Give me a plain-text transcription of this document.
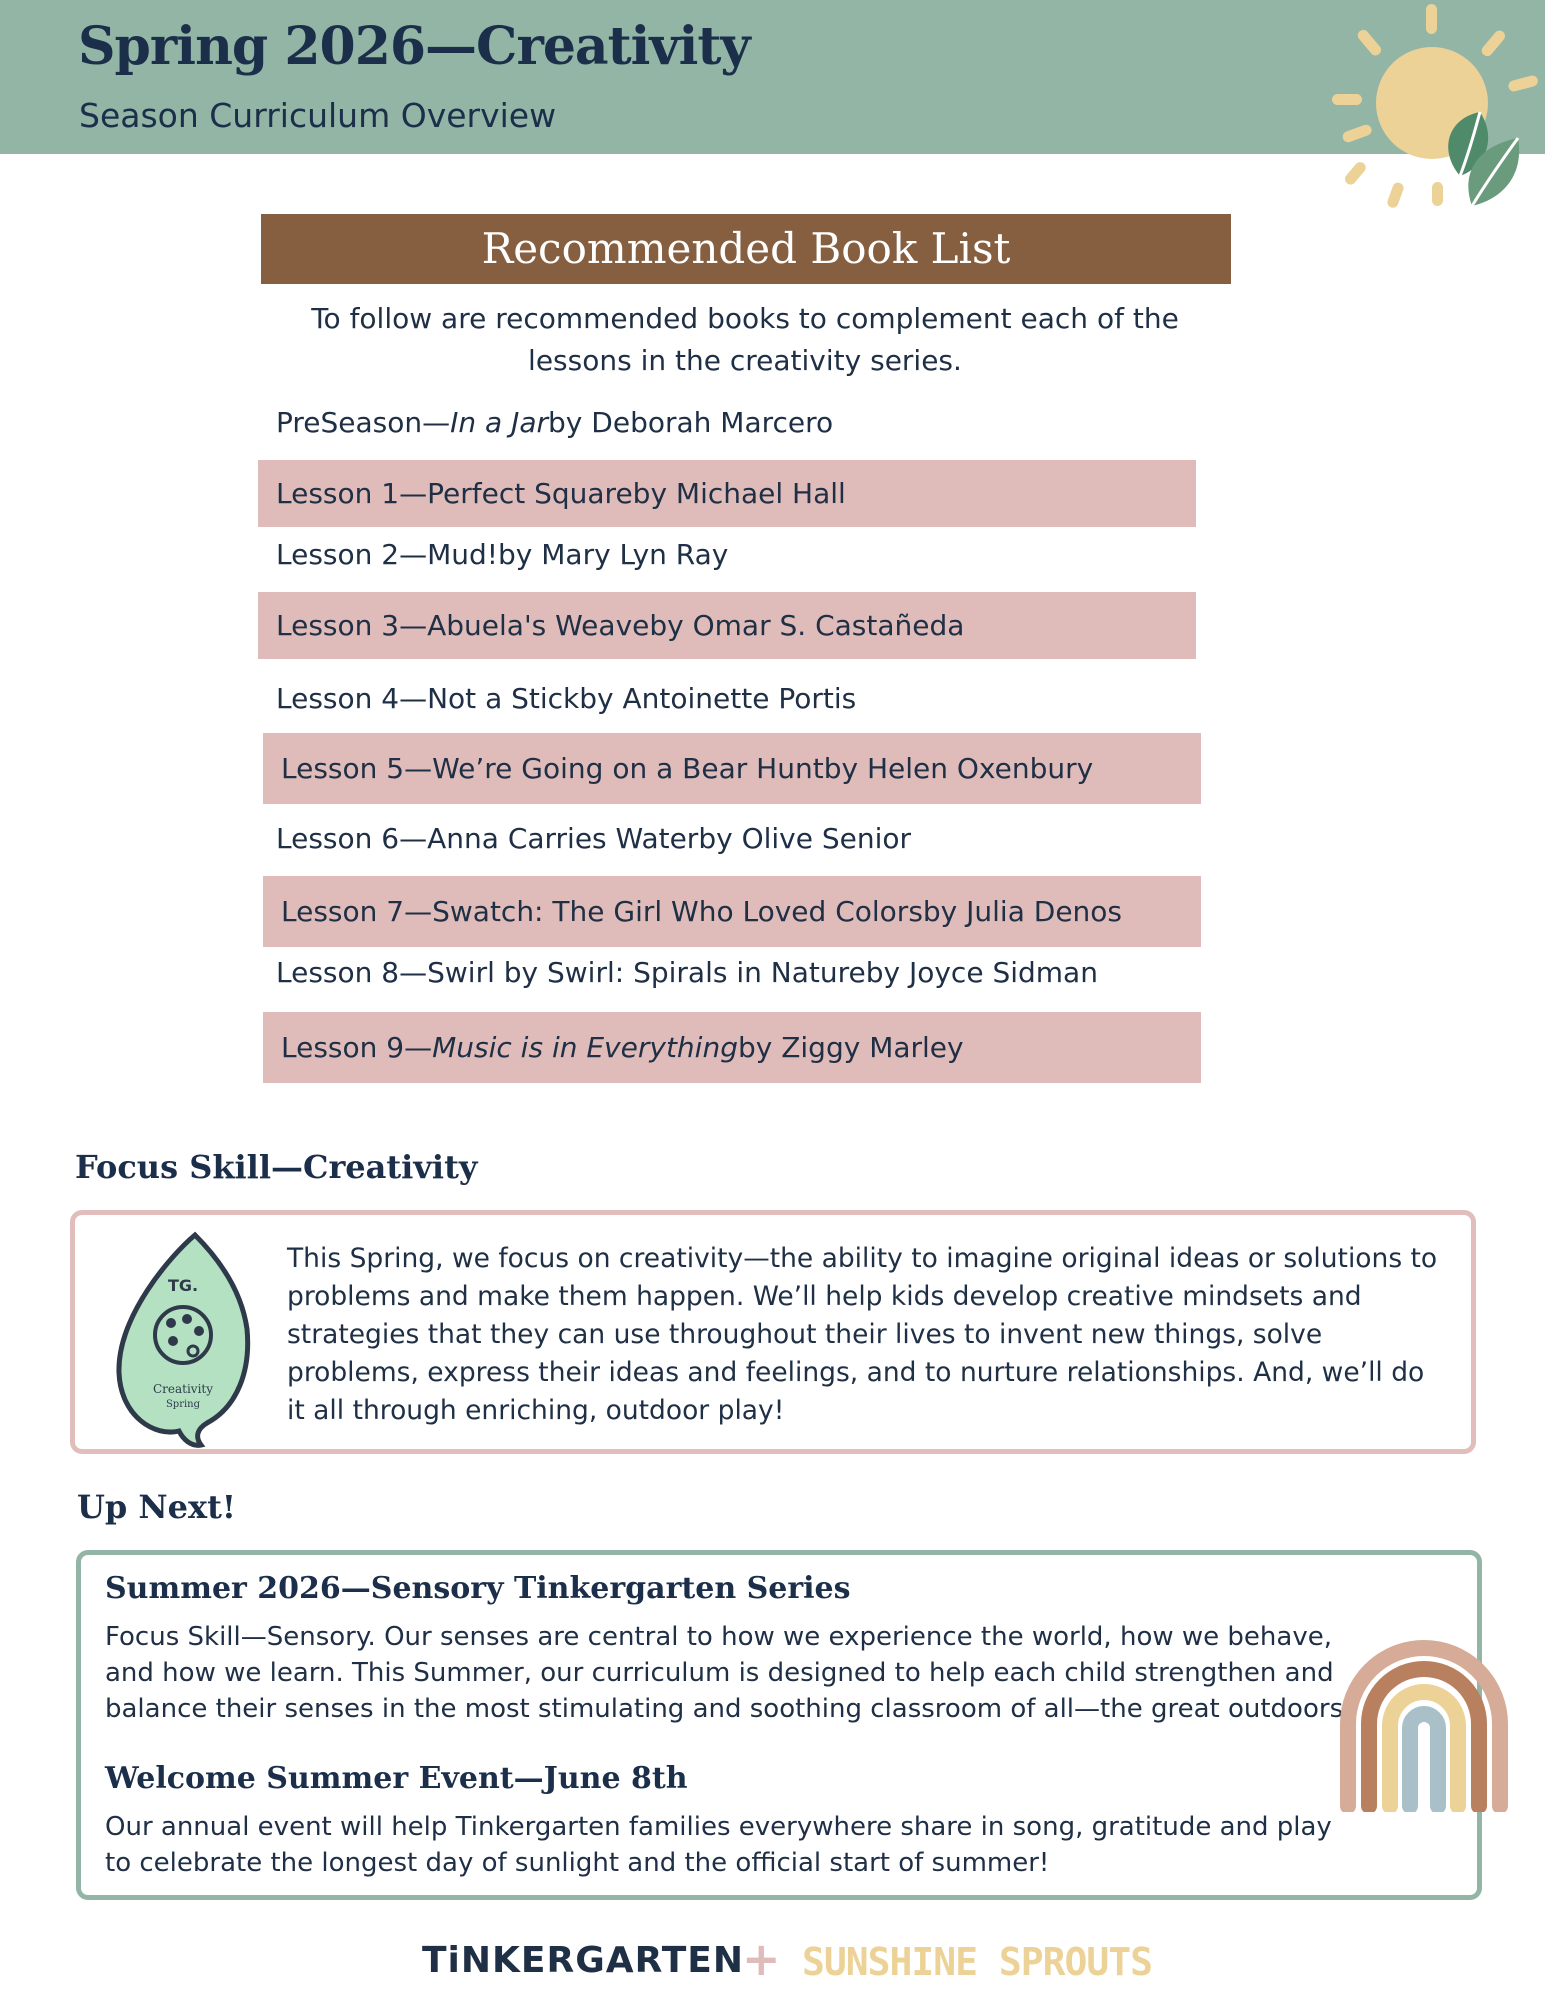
Spring 2026—Creativity

Season Curriculum Overview

Recommended Book List

To follow are recommended books to complement each of the lessons in the creativity series.

PreSeason— In a Jar by Deborah Marcero
Lesson 1— Perfect Square by Michael Hall
Lesson 2— Mud! by Mary Lyn Ray
Lesson 3— Abuela's Weave by Omar S. Castañeda
Lesson 4— Not a Stick by Antoinette Portis
Lesson 5— We’re Going on a Bear Hunt by Helen Oxenbury
Lesson 6— Anna Carries Water by Olive Senior
Lesson 7— Swatch: The Girl Who Loved Colors by Julia Denos
Lesson 8— Swirl by Swirl: Spirals in Nature by Joyce Sidman
Lesson 9— Music is in Everything by Ziggy Marley
Focus Skill—Creativity
TG.
Creativity
Spring

This Spring, we focus on creativity—the ability to imagine original ideas or solutions to problems and make them happen. We’ll help kids develop creative mindsets and strategies that they can use throughout their lives to invent new things, solve problems, express their ideas and feelings, and to nurture relationships. And, we’ll do it all through enriching, outdoor play!

Up Next!
Summer 2026—Sensory Tinkergarten Series

Focus Skill—Sensory. Our senses are central to how we experience the world, how we behave, and how we learn. This Summer, our curriculum is designed to help each child strengthen and balance their senses in the most stimulating and soothing classroom of all—the great outdoors.

Welcome Summer Event—June 8th

Our annual event will help Tinkergarten families everywhere share in song, gratitude and play to celebrate the longest day of sunlight and the official start of summer!

TiNKERGARTEN
+ SUNSHINE SPROUTS
